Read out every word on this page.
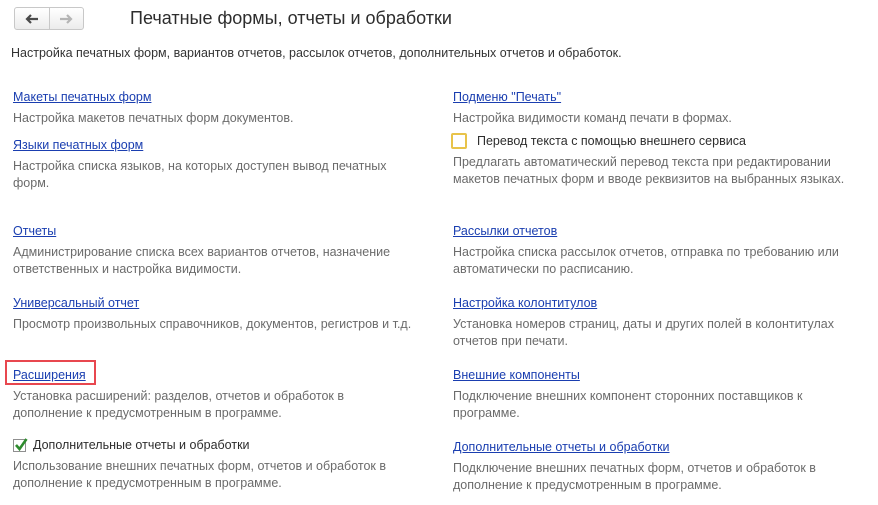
Печатные формы, отчеты и обработки
Настройка печатных форм, вариантов отчетов, рассылок отчетов, дополнительных отчетов и обработок.
Макеты печатных форм
Настройка макетов печатных форм документов.
Языки печатных форм
Настройка списка языков, на которых доступен вывод печатных форм.
Отчеты
Администрирование списка всех вариантов отчетов, назначение ответственных и настройка видимости.
Универсальный отчет
Просмотр произвольных справочников, документов, регистров и т.д.
Расширения
Установка расширений: разделов, отчетов и обработок в дополнение к предусмотренным в программе.
Дополнительные отчеты и обработки
Использование внешних печатных форм, отчетов и обработок в дополнение к предусмотренным в программе.
Подменю "Печать"
Настройка видимости команд печати в формах.
Перевод текста с помощью внешнего сервиса
Предлагать автоматический перевод текста при редактировании макетов печатных форм и вводе реквизитов на выбранных языках.
Рассылки отчетов
Настройка списка рассылок отчетов, отправка по требованию или автоматически по расписанию.
Настройка колонтитулов
Установка номеров страниц, даты и других полей в колонтитулах отчетов при печати.
Внешние компоненты
Подключение внешних компонент сторонних поставщиков к программе.
Дополнительные отчеты и обработки
Подключение внешних печатных форм, отчетов и обработок в дополнение к предусмотренным в программе.
